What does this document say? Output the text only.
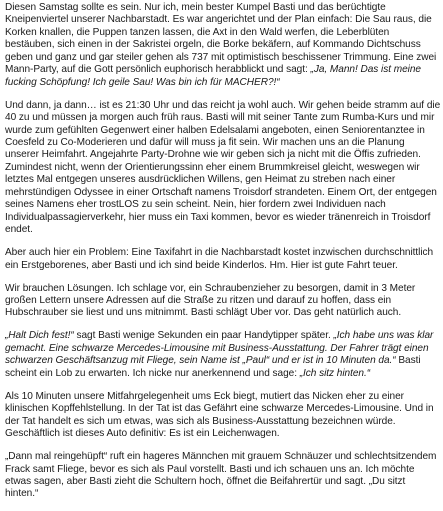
Diesen Samstag sollte es sein. Nur ich, mein bester Kumpel Basti und das berüchtigte Kneipenviertel unserer Nachbarstadt. Es war angerichtet und der Plan einfach: Die Sau raus, die Korken knallen, die Puppen tanzen lassen, die Axt in den Wald werfen, die Leberblüten bestäuben, sich einen in der Sakristei orgeln, die Borke bekäfern, auf Kommando Dichtschuss geben und ganz und gar steiler gehen als 737 mit optimistisch beschissener Trimmung. Eine zwei Mann-Party, auf die Gott persönlich euphorisch herabblickt und sagt: „Ja, Mann! Das ist meine fucking Schöpfung! Ich geile Sau! Was bin ich für MACHER?!“

Und dann, ja dann… ist es 21:30 Uhr und das reicht ja wohl auch. Wir gehen beide stramm auf die 40 zu und müssen ja morgen auch früh raus. Basti will mit seiner Tante zum Rumba-Kurs und mir wurde zum gefühlten Gegenwert einer halben Edelsalami angeboten, einen Seniorentanztee in Coesfeld zu Co-Moderieren und dafür will muss ja fit sein. Wir machen uns an die Planung unserer Heimfahrt. Angejahrte Party-Drohne wie wir geben sich ja nicht mit die Öffis zufrieden. Zumindest nicht, wenn der Orientierungssinn eher einem Brummkreisel gleicht, weswegen wir letztes Mal entgegen unseres ausdrücklichen Willens, gen Heimat zu streben nach einer mehrstündigen Odyssee in einer Ortschaft namens Troisdorf strandeten. Einem Ort, der entgegen seines Namens eher trostLOS zu sein scheint. Nein, hier fordern zwei Individuen nach Individualpassagierverkehr, hier muss ein Taxi kommen, bevor es wieder tränenreich in Troisdorf endet.

Aber auch hier ein Problem: Eine Taxifahrt in die Nachbarstadt kostet inzwischen durchschnittlich ein Erstgeborenes, aber Basti und ich sind beide Kinderlos. Hm. Hier ist gute Fahrt teuer.

Wir brauchen Lösungen. Ich schlage vor, ein Schraubenzieher zu besorgen, damit in 3 Meter großen Lettern unsere Adressen auf die Straße zu ritzen und darauf zu hoffen, dass ein Hubschrauber sie liest und uns mitnimmt. Basti schlägt Uber vor. Das geht natürlich auch.

„Halt Dich fest!“ sagt Basti wenige Sekunden ein paar Handytipper später. „Ich habe uns was klar gemacht. Eine schwarze Mercedes-Limousine mit Business-Ausstattung. Der Fahrer trägt einen schwarzen Geschäftsanzug mit Fliege, sein Name ist „Paul“ und er ist in 10 Minuten da.“ Basti scheint ein Lob zu erwarten. Ich nicke nur anerkennend und sage: „Ich sitz hinten.“

Als 10 Minuten unsere Mitfahrgelegenheit ums Eck biegt, mutiert das Nicken eher zu einer klinischen Kopffehlstellung. In der Tat ist das Gefährt eine schwarze Mercedes-Limousine. Und in der Tat handelt es sich um etwas, was sich als Business-Ausstattung bezeichnen würde. Geschäftlich ist dieses Auto definitiv: Es ist ein Leichenwagen.

„Dann mal reingehüpft“ ruft ein hageres Männchen mit grauem Schnäuzer und schlechtsitzendem Frack samt Fliege, bevor es sich als Paul vorstellt. Basti und ich schauen uns an. Ich möchte etwas sagen, aber Basti zieht die Schultern hoch, öffnet die Beifahrertür und sagt. „Du sitzt hinten.“
